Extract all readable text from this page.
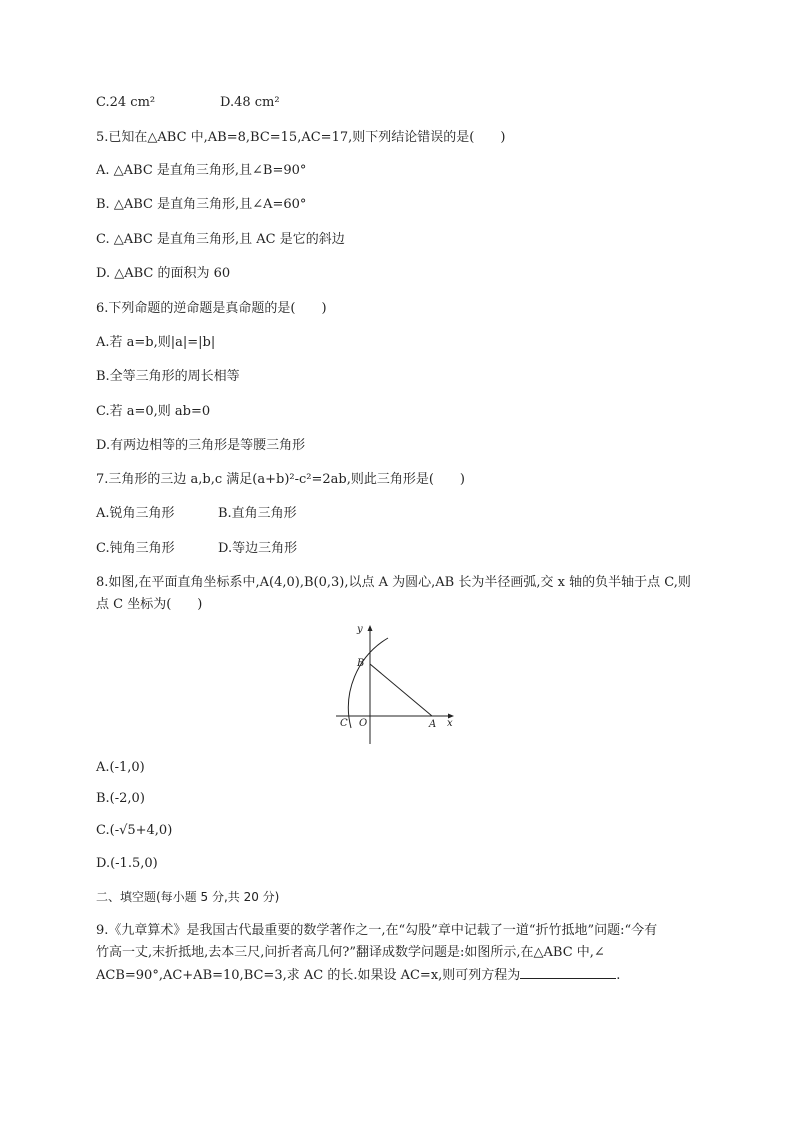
C.24 cm²	D.48 cm²
5.已知在△ABC 中,AB=8,BC=15,AC=17,则下列结论错误的是(　　)
A. △ABC 是直角三角形,且∠B=90°
B. △ABC 是直角三角形,且∠A=60°
C. △ABC 是直角三角形,且 AC 是它的斜边
D. △ABC 的面积为 60
6.下列命题的逆命题是真命题的是(　　)
A.若 a=b,则|a|=|b|
B.全等三角形的周长相等
C.若 a=0,则 ab=0
D.有两边相等的三角形是等腰三角形
7.三角形的三边 a,b,c 满足(a+b)²-c²=2ab,则此三角形是(　　)
A.锐角三角形	B.直角三角形
C.钝角三角形	D.等边三角形
8.如图,在平面直角坐标系中,A(4,0),B(0,3),以点 A 为圆心,AB 长为半径画弧,交 x 轴的负半轴于点 C,则
点 C 坐标为(　　)
y
x
B
O
C	A
A.(-1,0)
B.(-2,0)
C.(-√5+4,0)
D.(-1.5,0)
二、填空题(每小题 5 分,共 20 分)
9.《九章算术》是我国古代最重要的数学著作之一,在“勾股”章中记载了一道“折竹抵地”问题:“今有
竹高一丈,末折抵地,去本三尺,问折者高几何?”翻译成数学问题是:如图所示,在△ABC 中,∠
ACB=90°,AC+AB=10,BC=3,求 AC 的长.如果设 AC=x,则可列方程为	.
